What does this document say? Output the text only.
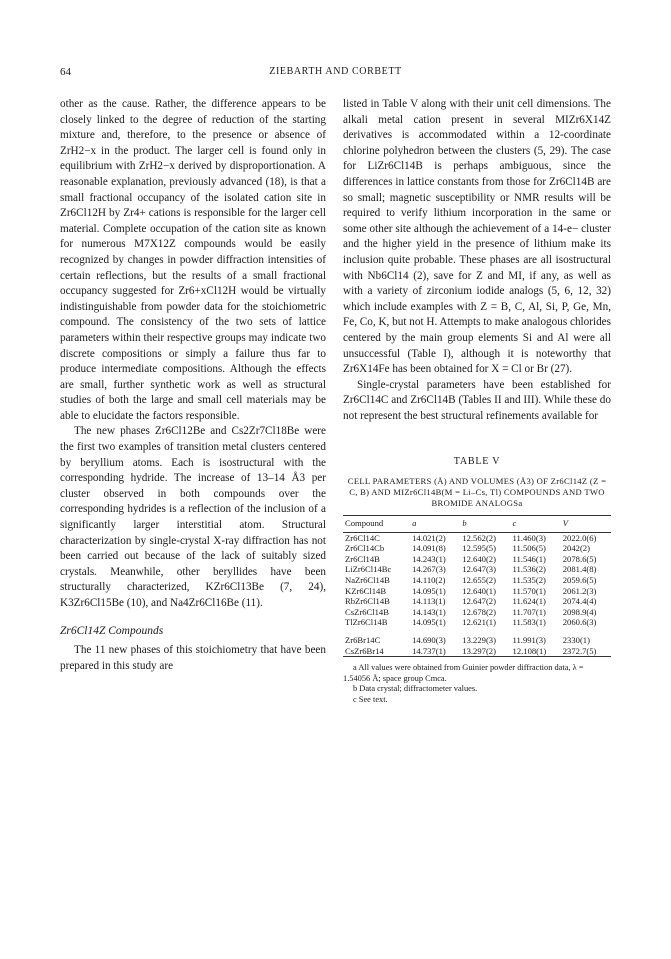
64	ZIEBARTH AND CORBETT

other as the cause. Rather, the difference appears to be closely linked to the degree of reduction of the starting mixture and, therefore, to the presence or absence of ZrH2−x in the product. The larger cell is found only in equilibrium with ZrH2−x derived by disproportionation. A reasonable explanation, previously advanced (18), is that a small fractional occupancy of the isolated cation site in Zr6Cl12H by Zr4+ cations is responsible for the larger cell material. Complete occupation of the cation site as known for numerous M7X12Z compounds would be easily recognized by changes in powder diffraction intensities of certain reflections, but the results of a small fractional occupancy suggested for Zr6+xCl12H would be virtually indistinguishable from powder data for the stoichiometric compound. The consistency of the two sets of lattice parameters within their respective groups may indicate two discrete compositions or simply a failure thus far to produce intermediate compositions. Although the effects are small, further synthetic work as well as structural studies of both the large and small cell materials may be able to elucidate the factors responsible.

The new phases Zr6Cl12Be and Cs2Zr7Cl18Be were the first two examples of transition metal clusters centered by beryllium atoms. Each is isostructural with the corresponding hydride. The increase of 13–14 Å3 per cluster observed in both compounds over the corresponding hydrides is a reflection of the inclusion of a significantly larger interstitial atom. Structural characterization by single-crystal X-ray diffraction has not been carried out because of the lack of suitably sized crystals. Meanwhile, other beryllides have been structurally characterized, KZr6Cl13Be (7, 24), K3Zr6Cl15Be (10), and Na4Zr6Cl16Be (11).

Zr6Cl14Z Compounds

The 11 new phases of this stoichiometry that have been prepared in this study are

listed in Table V along with their unit cell dimensions. The alkali metal cation present in several MIZr6X14Z derivatives is accommodated within a 12-coordinate chlorine polyhedron between the clusters (5, 29). The case for LiZr6Cl14B is perhaps ambiguous, since the differences in lattice constants from those for Zr6Cl14B are so small; magnetic susceptibility or NMR results will be required to verify lithium incorporation in the same or some other site although the achievement of a 14-e− cluster and the higher yield in the presence of lithium make its inclusion quite probable. These phases are all isostructural with Nb6Cl14 (2), save for Z and MI, if any, as well as with a variety of zirconium iodide analogs (5, 6, 12, 32) which include examples with Z = B, C, Al, Si, P, Ge, Mn, Fe, Co, K, but not H. Attempts to make analogous chlorides centered by the main group elements Si and Al were all unsuccessful (Table I), although it is noteworthy that Zr6X14Fe has been obtained for X = Cl or Br (27).

Single-crystal parameters have been established for Zr6Cl14C and Zr6Cl14B (Tables II and III). While these do not represent the best structural refinements available for

TABLE V
CELL PARAMETERS (Å) AND VOLUMES (Å3) OF Zr6Cl14Z (Z = C, B) AND MIZr6Cl14B(M = Li–Cs, Tl) COMPOUNDS AND TWO BROMIDE ANALOGSa
Compound	a	b	c	V
Zr6Cl14C	14.021(2)	12.562(2)	11.460(3)	2022.0(6)
Zr6Cl14Cb	14.091(8)	12.595(5)	11.506(5)	2042(2)
Zr6Cl14B	14.243(1)	12.640(2)	11.546(1)	2078.6(5)
LiZr6Cl14Bc	14.267(3)	12.647(3)	11.536(2)	2081.4(8)
NaZr6Cl14B	14.110(2)	12.655(2)	11.535(2)	2059.6(5)
KZr6Cl14B	14.095(1)	12.640(1)	11.570(1)	2061.2(3)
RbZr6Cl14B	14.113(1)	12.647(2)	11.624(1)	2074.4(4)
CsZr6Cl14B	14.143(1)	12.678(2)	11.707(1)	2098.9(4)
TlZr6Cl14B	14.095(1)	12.621(1)	11.583(1)	2060.6(3)
Zr6Br14C	14.690(3)	13.229(3)	11.991(3)	2330(1)
CsZr6Br14	14.737(1)	13.297(2)	12.108(1)	2372.7(5)
a All values were obtained from Guinier powder diffraction data, λ = 1.54056 Å; space group Cmca.
b Data crystal; diffractometer values.
c See text.
